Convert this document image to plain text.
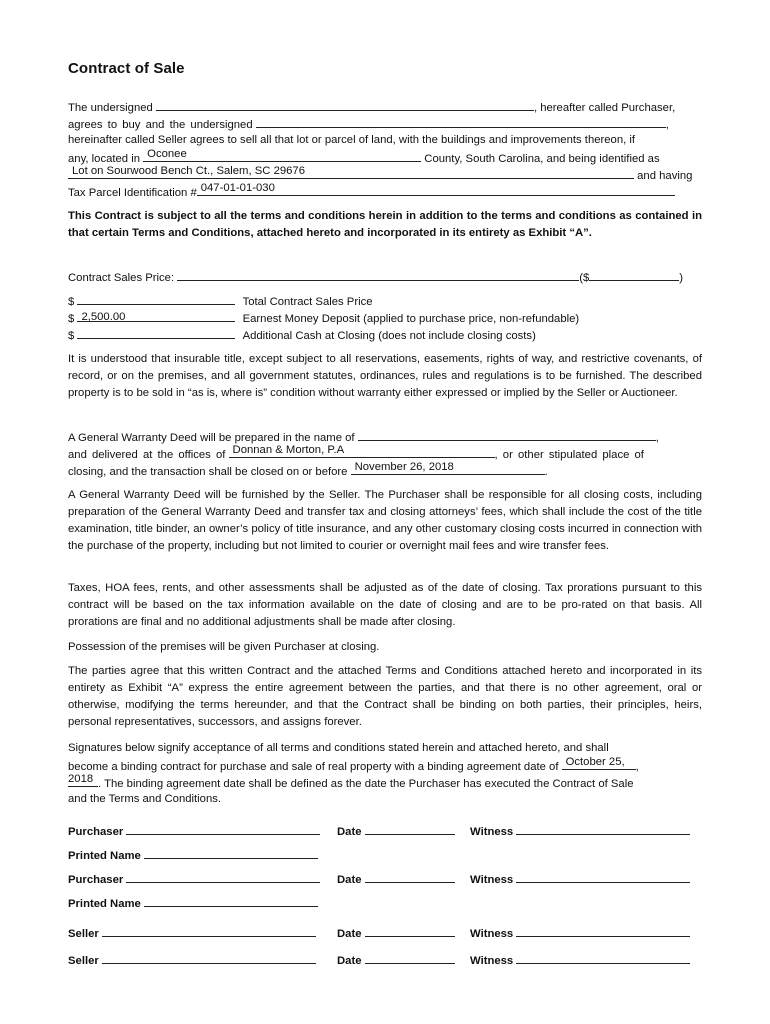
Contract of Sale
The undersigned	, hereafter called Purchaser,
agrees to buy and the undersigned	,
hereinafter called Seller agrees to sell all that lot or parcel of land, with the buildings and improvements thereon, if
any, located in Oconee	County, South Carolina, and being identified as
Lot on Sourwood Bench Ct., Salem, SC 29676	and having
Tax Parcel Identification # 047-01-01-030
This Contract is subject to all the terms and conditions herein in addition to the terms and conditions as contained in that certain Terms and Conditions, attached hereto and incorporated in its entirety as Exhibit “A”.
Contract Sales Price:	($	)
$	Total Contract Sales Price
$ 2,500.00	Earnest Money Deposit (applied to purchase price, non-refundable)
$	Additional Cash at Closing (does not include closing costs)
It is understood that insurable title, except subject to all reservations, easements, rights of way, and restrictive covenants, of record, or on the premises, and all government statutes, ordinances, rules and regulations is to be furnished. The described property is to be sold in “as is, where is” condition without warranty either expressed or implied by the Seller or Auctioneer.
A General Warranty Deed will be prepared in the name of	,
and delivered at the offices of Donnan & Morton, P.A	, or other stipulated place of
closing, and the transaction shall be closed on or before November 26, 2018	.
A General Warranty Deed will be furnished by the Seller. The Purchaser shall be responsible for all closing costs, including preparation of the General Warranty Deed and transfer tax and closing attorneys’ fees, which shall include the cost of the title examination, title binder, an owner’s policy of title insurance, and any other customary closing costs incurred in connection with the purchase of the property, including but not limited to courier or overnight mail fees and wire transfer fees.
Taxes, HOA fees, rents, and other assessments shall be adjusted as of the date of closing. Tax prorations pursuant to this contract will be based on the tax information available on the date of closing and are to be pro-rated on that basis. All prorations are final and no additional adjustments shall be made after closing.
Possession of the premises will be given Purchaser at closing.
The parties agree that this written Contract and the attached Terms and Conditions attached hereto and incorporated in its entirety as Exhibit “A” express the entire agreement between the parties, and that there is no other agreement, oral or otherwise, modifying the terms hereunder, and that the Contract shall be binding on both parties, their principles, heirs, personal representatives, successors, and assigns forever.
Signatures below signify acceptance of all terms and conditions stated herein and attached hereto, and shall
become a binding contract for purchase and sale of real property with a binding agreement date of October 25, ,
2018 . The binding agreement date shall be defined as the date the Purchaser has executed the Contract of Sale
and the Terms and Conditions.
Purchaser	Date	Witness
Printed Name
Purchaser	Date	Witness
Printed Name
Seller	Date	Witness
Seller	Date	Witness
